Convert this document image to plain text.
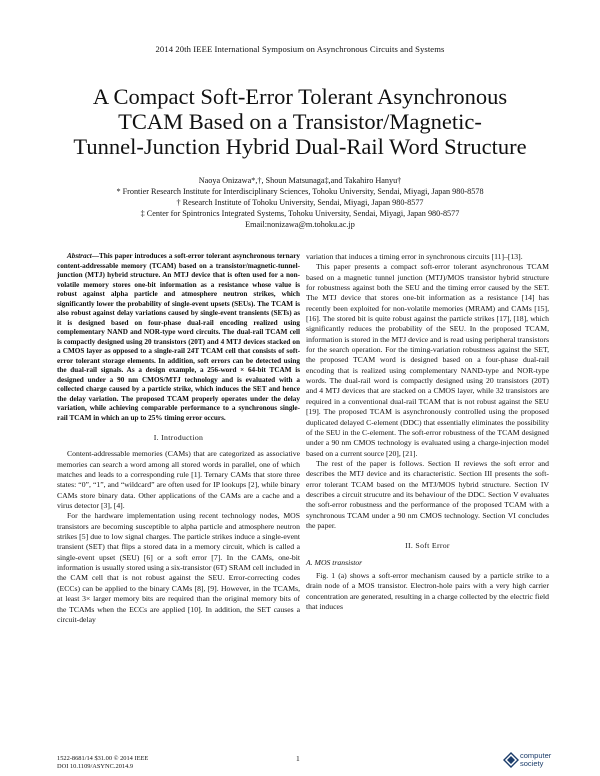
2014 20th IEEE International Symposium on Asynchronous Circuits and Systems
A Compact Soft-Error Tolerant Asynchronous
TCAM Based on a Transistor/Magnetic-
Tunnel-Junction Hybrid Dual-Rail Word Structure
Naoya Onizawa*,†, Shoun Matsunaga‡,and Takahiro Hanyu†
* Frontier Research Institute for Interdisciplinary Sciences, Tohoku University, Sendai, Miyagi, Japan 980-8578
† Research Institute of Tohoku University, Sendai, Miyagi, Japan 980-8577
‡ Center for Spintronics Integrated Systems, Tohoku University, Sendai, Miyagi, Japan 980-8577
Email:nonizawa@m.tohoku.ac.jp

Abstract—This paper introduces a soft-error tolerant asynchronous ternary content-addressable memory (TCAM) based on a transistor/magnetic-tunnel-junction (MTJ) hybrid structure. An MTJ device that is often used for a non-volatile memory stores one-bit information as a resistance whose value is robust against alpha particle and atmosphere neutron strikes, which significantly lower the probability of single-event upsets (SEUs). The TCAM is also robust against delay variations caused by single-event transients (SETs) as it is designed based on four-phase dual-rail encoding realized using complementary NAND and NOR-type word circuits. The dual-rail TCAM cell is compactly designed using 20 transistors (20T) and 4 MTJ devices stacked on a CMOS layer as opposed to a single-rail 24T TCAM cell that consists of soft-error tolerant storage elements. In addition, soft errors can be detected using the dual-rail signals. As a design example, a 256-word × 64-bit TCAM is designed under a 90 nm CMOS/MTJ technology and is evaluated with a collected charge caused by a particle strike, which induces the SET and hence the delay variation. The proposed TCAM properly operates under the delay variation, while achieving comparable performance to a synchronous single-rail TCAM in which an up to 25% timing error occurs.

I. Introduction

Content-addressable memories (CAMs) that are categorized as associative memories can search a word among all stored words in parallel, one of which matches and leads to a corresponding rule [1]. Ternary CAMs that store three states: “0”, “1”, and “wildcard” are often used for IP lookups [2], while binary CAMs store binary data. Other applications of the CAMs are a cache and a virus detector [3], [4].

For the hardware implementation using recent technology nodes, MOS transistors are becoming susceptible to alpha particle and atmosphere neutron strikes [5] due to low signal charges. The particle strikes induce a single-event transient (SET) that flips a stored data in a memory circuit, which is called a single-event upset (SEU) [6] or a soft error [7]. In the CAMs, one-bit information is usually stored using a six-transistor (6T) SRAM cell included in the CAM cell that is not robust against the SEU. Error-correcting codes (ECCs) can be applied to the binary CAMs [8], [9]. However, in the TCAMs, at least 3× larger memory bits are required than the original memory bits of the TCAMs when the ECCs are applied [10]. In addition, the SET causes a circuit-delay

variation that induces a timing error in synchronous circuits [11]–[13].

This paper presents a compact soft-error tolerant asynchronous TCAM based on a magnetic tunnel junction (MTJ)/MOS transistor hybrid structure for robustness against both the SEU and the timing error caused by the SET. The MTJ device that stores one-bit information as a resistance [14] has recently been exploited for non-volatile memories (MRAM) and CAMs [15], [16]. The stored bit is quite robust against the particle strikes [17], [18], which significantly reduces the probability of the SEU. In the proposed TCAM, information is stored in the MTJ device and is read using peripheral transistors for the search operation. For the timing-variation robustness against the SET, the proposed TCAM word is designed based on a four-phase dual-rail encoding that is realized using complementary NAND-type and NOR-type words. The dual-rail word is compactly designed using 20 transistors (20T) and 4 MTJ devices that are stacked on a CMOS layer, while 32 transistors are required in a conventional dual-rail TCAM that is not robust against the SEU [19]. The proposed TCAM is asynchronously controlled using the proposed duplicated delayed C-element (DDC) that essentially eliminates the possibility of the SEU in the C-element. The soft-error robustness of the TCAM designed under a 90 nm CMOS technology is evaluated using a charge-injection model based on a current source [20], [21].

The rest of the paper is follows. Section II reviews the soft error and describes the MTJ device and its characteristic. Section III presents the soft-error tolerant TCAM based on the MTJ/MOS hybrid structure. Section IV describes a circuit strucutre and its behaviour of the DDC. Section V evaluates the soft-error robustness and the performance of the proposed TCAM with a synchronous TCAM under a 90 nm CMOS technology. Section VI concludes the paper.

II. Soft Error
A. MOS transistor

Fig. 1 (a) shows a soft-error mechanism caused by a particle strike to a drain node of a MOS transistor. Electron-hole pairs with a very high carrier concentration are generated, resulting in a charge collected by the electric field that induces

1522-8681/14 $31.00 © 2014 IEEE
DOI 10.1109/ASYNC.2014.9
1	computer
society
